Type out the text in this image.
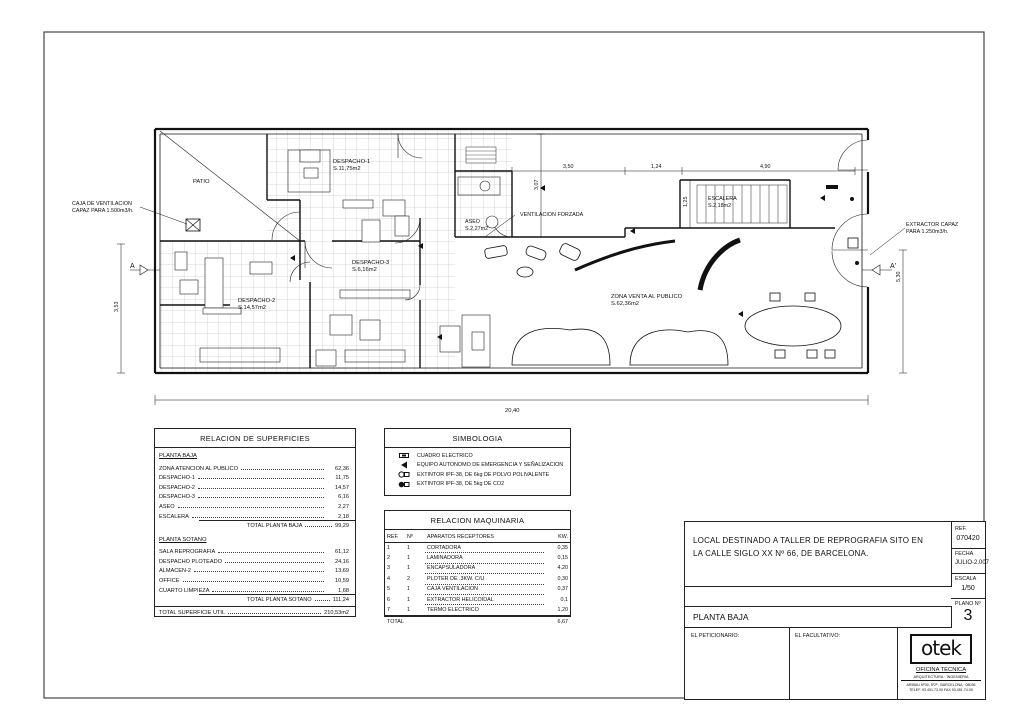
A	A'
PATIO
DESPACHO-1
S.11,75m2
DESPACHO-2
S.14,57m2
DESPACHO-3
S.6,16m2
ASEO
S.2,27m2
ESCALERA
S.2,18m2
ZONA VENTA AL PUBLICO
S.62,36m2
CAJA DE VENTILACION
CAPAZ PARA 1.500m3/h.
VENTILACION FORZADA
EXTRACTOR CAPAZ
PARA 1.250m3/h.
3,50	1,24	4,90
20,40
3,07
1,25
3,53
5,30
RELACION DE SUPERFICIES
PLANTA BAJA
ZONA ATENCION AL PUBLICO	62,36
DESPACHO-1	11,75
DESPACHO-2	14,57
DESPACHO-3	6,16
ASEO	2,27
ESCALERA	2,18
TOTAL PLANTA BAJA	99,29
PLANTA SOTANO
SALA REPROGRAFIA	61,12
DESPACHO PLOTEADO	24,16
ALMACEN-2	13,69
OFFICE	10,59
CUARTO LIMPIEZA	1,68
TOTAL PLANTA SOTANO	111,24
TOTAL SUPERFICIE UTIL	210,53m2
SIMBOLOGIA
CUADRO ELECTRICO
EQUIPO AUTONOMO DE EMERGENCIA Y SEÑALIZACION
EXTINTOR IPF-38, DE 6kg DE POLVO POLIVALENTE
EXTINTOR IPF-38, DE 5kg DE CO2
RELACION MAQUINARIA
REF.	Nº	APARATOS RECEPTORES	KW.
1	1	CORTADORA	0,35
2	1	LAMINADORA	0,15
3	1	ENCAPSULADORA	4,20
4	2	PLOTER DE .3KW. C/U	0,30
5	1	CAJA VENTILACION	0,37
6	1	EXTRACTOR HELICOIDAL	0,1
7	1	TERMO ELECTRICO	1,20
TOTAL			6,67
LOCAL DESTINADO A TALLER DE REPROGRAFIA SITO EN
LA CALLE SIGLO XX Nº 66, DE BARCELONA.
REF.
070420
FECHA
JULIO-2.007
ESCALA
1/50
PLANO Nº
3
PLANTA BAJA
EL PETICIONARIO:	EL FACULTATIVO:	otek
OFICINA TECNICA
ARQUITECTURA · INGENIERIA
ARIBAU Nº30, 5º2ª , BARCELONA · 08036
TELEF. 93.451.73.00 FAX 93.451.74.05
